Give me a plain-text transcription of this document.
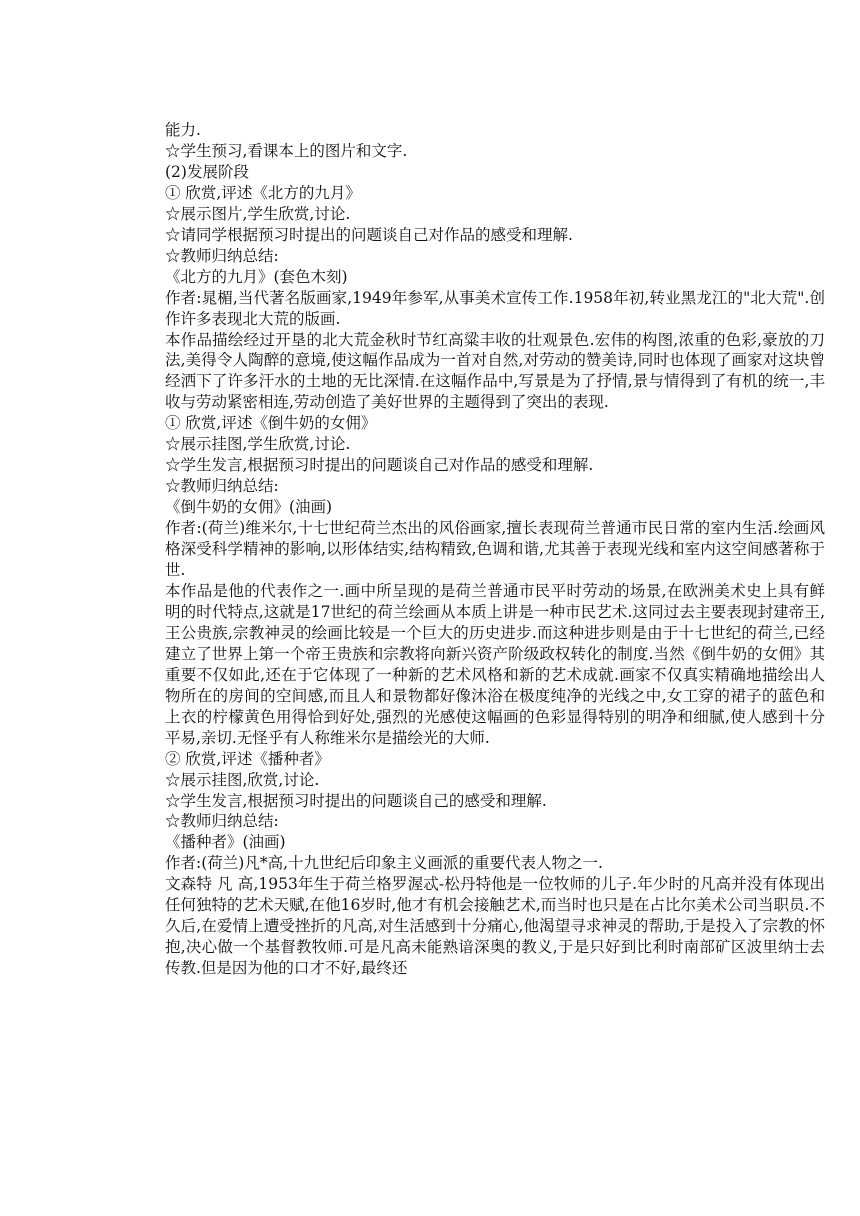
能力.

☆学生预习,看课本上的图片和文字.

(2)发展阶段

① 欣赏,评述《北方的九月》

☆展示图片,学生欣赏,讨论.

☆请同学根据预习时提出的问题谈自己对作品的感受和理解.

☆教师归纳总结:

《北方的九月》(套色木刻)

作者:晁楣,当代著名版画家,1949年参军,从事美术宣传工作.1958年初,转业黑龙江的"北大荒".创作许多表现北大荒的版画.

本作品描绘经过开垦的北大荒金秋时节红高粱丰收的壮观景色.宏伟的构图,浓重的色彩,豪放的刀法,美得令人陶醉的意境,使这幅作品成为一首对自然,对劳动的赞美诗,同时也体现了画家对这块曾经洒下了许多汗水的土地的无比深情.在这幅作品中,写景是为了抒情,景与情得到了有机的统一,丰收与劳动紧密相连,劳动创造了美好世界的主题得到了突出的表现.

① 欣赏,评述《倒牛奶的女佣》

☆展示挂图,学生欣赏,讨论.

☆学生发言,根据预习时提出的问题谈自己对作品的感受和理解.

☆教师归纳总结:

《倒牛奶的女佣》(油画)

作者:(荷兰)维米尔,十七世纪荷兰杰出的风俗画家,擅长表现荷兰普通市民日常的室内生活.绘画风格深受科学精神的影响,以形体结实,结构精致,色调和谐,尤其善于表现光线和室内这空间感著称于世.

本作品是他的代表作之一.画中所呈现的是荷兰普通市民平时劳动的场景,在欧洲美术史上具有鲜明的时代特点,这就是17世纪的荷兰绘画从本质上讲是一种市民艺术.这同过去主要表现封建帝王,王公贵族,宗教神灵的绘画比较是一个巨大的历史进步.而这种进步则是由于十七世纪的荷兰,已经建立了世界上第一个帝王贵族和宗教将向新兴资产阶级政权转化的制度.当然《倒牛奶的女佣》其重要不仅如此,还在于它体现了一种新的艺术风格和新的艺术成就.画家不仅真实精确地描绘出人物所在的房间的空间感,而且人和景物都好像沐浴在极度纯净的光线之中,女工穿的裙子的蓝色和上衣的柠檬黄色用得恰到好处,强烈的光感使这幅画的色彩显得特别的明净和细腻,使人感到十分平易,亲切.无怪乎有人称维米尔是描绘光的大师.

② 欣赏,评述《播种者》

☆展示挂图,欣赏,讨论.

☆学生发言,根据预习时提出的问题谈自己的感受和理解.

☆教师归纳总结:

《播种者》(油画)

作者:(荷兰)凡*高,十九世纪后印象主义画派的重要代表人物之一.

文森特 凡 高,1953年生于荷兰格罗渥忒-松丹特他是一位牧师的儿子.年少时的凡高并没有体现出任何独特的艺术天赋,在他16岁时,他才有机会接触艺术,而当时也只是在占比尔美术公司当职员.不久后,在爱情上遭受挫折的凡高,对生活感到十分痛心,他渴望寻求神灵的帮助,于是投入了宗教的怀抱,决心做一个基督教牧师.可是凡高未能熟谙深奥的教义,于是只好到比利时南部矿区波里纳士去传教.但是因为他的口才不好,最终还
